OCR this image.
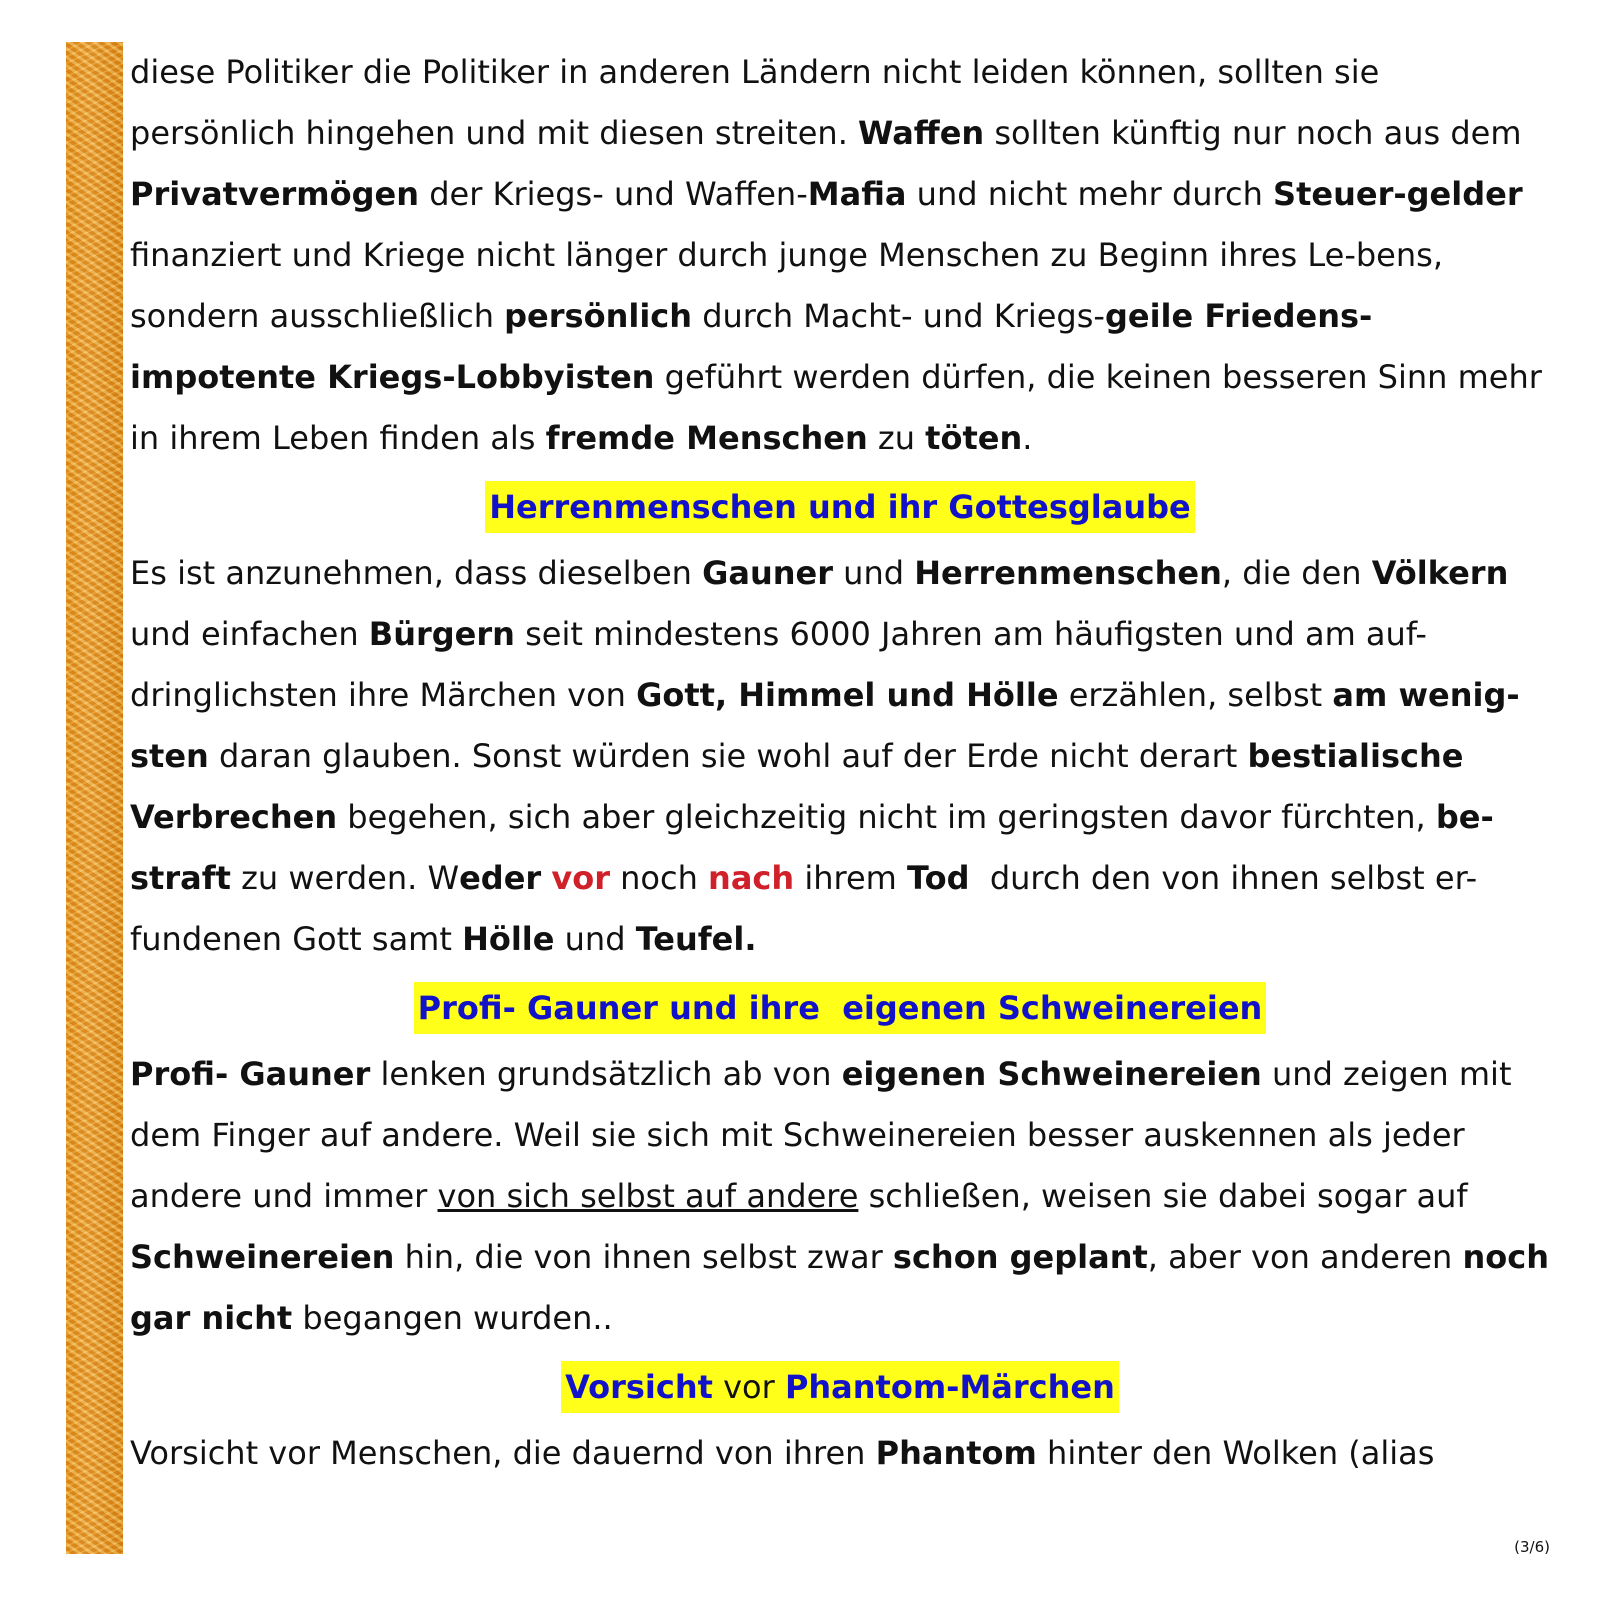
diese Politiker die Politiker in anderen Ländern nicht leiden können, sollten sie persönlich hingehen und mit diesen streiten. Waffen sollten künftig nur noch aus dem Privatvermögen der Kriegs- und Waffen-Mafia und nicht mehr durch Steuer-gelder finanziert und Kriege nicht länger durch junge Menschen zu Beginn ihres Le-bens, sondern ausschließlich persönlich durch Macht- und Kriegs-geile Friedens-impotente Kriegs-Lobbyisten geführt werden dürfen, die keinen besseren Sinn mehr in ihrem Leben finden als fremde Menschen zu töten.

Herrenmenschen und ihr Gottesglaube

Es ist anzunehmen, dass dieselben Gauner und Herrenmenschen, die den Völkern und einfachen Bürgern seit mindestens 6000 Jahren am häufigsten und am auf-dringlichsten ihre Märchen von Gott, Himmel und Hölle erzählen, selbst am wenig-sten daran glauben. Sonst würden sie wohl auf der Erde nicht derart bestialische Verbrechen begehen, sich aber gleichzeitig nicht im geringsten davor fürchten, be-straft zu werden. Weder vor noch nach ihrem Tod  durch den von ihnen selbst er-fundenen Gott samt Hölle und Teufel.

Profi- Gauner und ihre  eigenen Schweinereien

Profi- Gauner lenken grundsätzlich ab von eigenen Schweinereien und zeigen mit dem Finger auf andere. Weil sie sich mit Schweinereien besser auskennen als jeder andere und immer von sich selbst auf andere schließen, weisen sie dabei sogar auf Schweinereien hin, die von ihnen selbst zwar schon geplant, aber von anderen noch gar nicht begangen wurden..

Vorsicht vor Phantom-Märchen

Vorsicht vor Menschen, die dauernd von ihren Phantom hinter den Wolken (alias

(3/6)
